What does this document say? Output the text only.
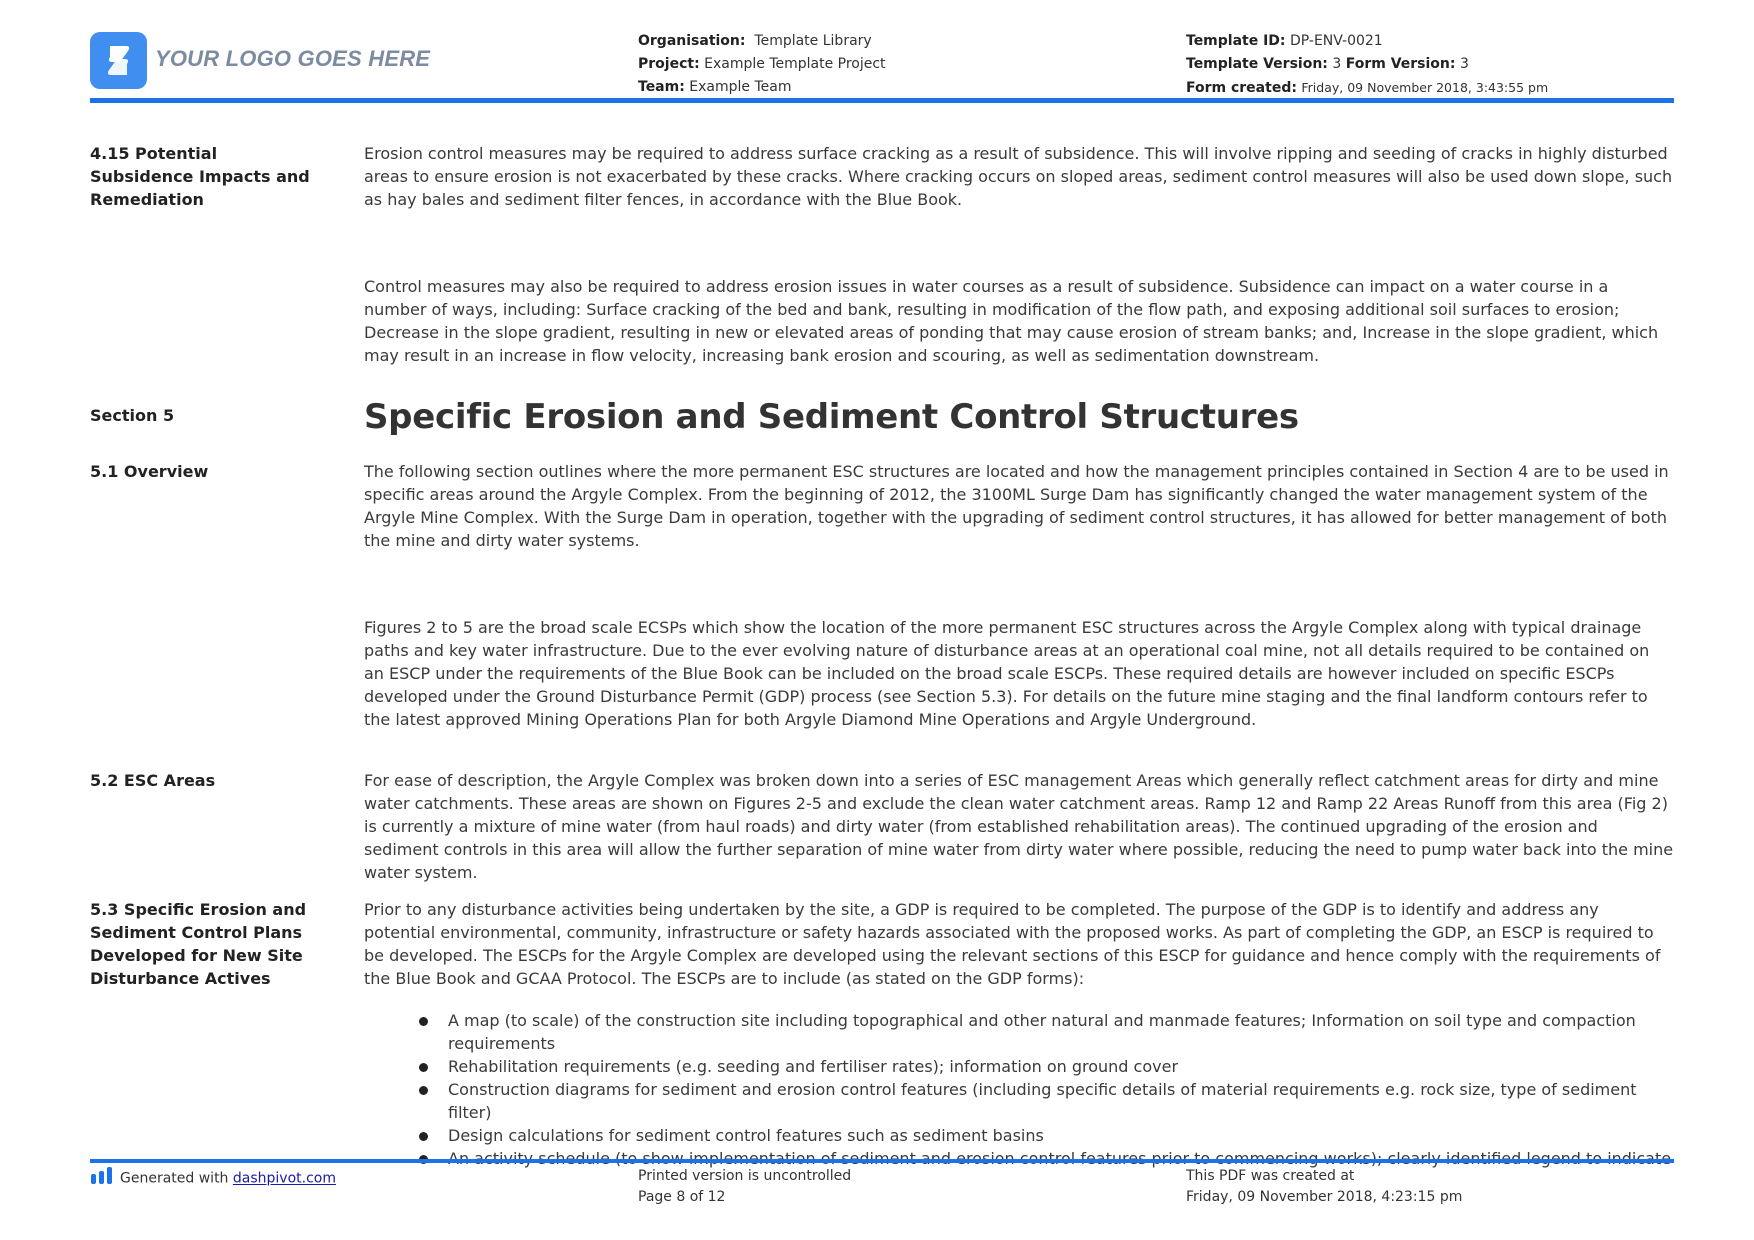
YOUR LOGO GOES HERE
Organisation: Template Library
Project: Example Template Project
Team: Example Team
Template ID: DP-ENV-0021
Template Version: 3 Form Version: 3
Form created: Friday, 09 November 2018, 3:43:55 pm
4.15 Potential Subsidence Impacts and Remediation

Erosion control measures may be required to address surface cracking as a result of subsidence. This will involve ripping and seeding of cracks in highly disturbed areas to ensure erosion is not exacerbated by these cracks. Where cracking occurs on sloped areas, sediment control measures will also be used down slope, such as hay bales and sediment filter fences, in accordance with the Blue Book.

Control measures may also be required to address erosion issues in water courses as a result of subsidence. Subsidence can impact on a water course in a number of ways, including: Surface cracking of the bed and bank, resulting in modification of the flow path, and exposing additional soil surfaces to erosion; Decrease in the slope gradient, resulting in new or elevated areas of ponding that may cause erosion of stream banks; and, Increase in the slope gradient, which may result in an increase in flow velocity, increasing bank erosion and scouring, as well as sedimentation downstream.

Section 5	Specific Erosion and Sediment Control Structures
5.1 Overview	The following section outlines where the more permanent ESC structures are located and how the management principles contained in Section 4 are to be used in specific areas around the Argyle Complex. From the beginning of 2012, the 3100ML Surge Dam has significantly changed the water management system of the Argyle Mine Complex. With the Surge Dam in operation, together with the upgrading of sediment control structures, it has allowed for better management of both the mine and dirty water systems.

Figures 2 to 5 are the broad scale ECSPs which show the location of the more permanent ESC structures across the Argyle Complex along with typical drainage paths and key water infrastructure. Due to the ever evolving nature of disturbance areas at an operational coal mine, not all details required to be contained on an ESCP under the requirements of the Blue Book can be included on the broad scale ESCPs. These required details are however included on specific ESCPs developed under the Ground Disturbance Permit (GDP) process (see Section 5.3). For details on the future mine staging and the final landform contours refer to the latest approved Mining Operations Plan for both Argyle Diamond Mine Operations and Argyle Underground.

5.2 ESC Areas	For ease of description, the Argyle Complex was broken down into a series of ESC management Areas which generally reflect catchment areas for dirty and mine water catchments. These areas are shown on Figures 2-5 and exclude the clean water catchment areas. Ramp 12 and Ramp 22 Areas Runoff from this area (Fig 2) is currently a mixture of mine water (from haul roads) and dirty water (from established rehabilitation areas). The continued upgrading of the erosion and sediment controls in this area will allow the further separation of mine water from dirty water where possible, reducing the need to pump water back into the mine water system.

5.3 Specific Erosion and Sediment Control Plans Developed for New Site Disturbance Actives

Prior to any disturbance activities being undertaken by the site, a GDP is required to be completed. The purpose of the GDP is to identify and address any potential environmental, community, infrastructure or safety hazards associated with the proposed works. As part of completing the GDP, an ESCP is required to be developed. The ESCPs for the Argyle Complex are developed using the relevant sections of this ESCP for guidance and hence comply with the requirements of the Blue Book and GCAA Protocol. The ESCPs are to include (as stated on the GDP forms):

A map (to scale) of the construction site including topographical and other natural and manmade features; Information on soil type and compaction requirements
Rehabilitation requirements (e.g. seeding and fertiliser rates); information on ground cover
Construction diagrams for sediment and erosion control features (including specific details of material requirements e.g. rock size, type of sediment filter)
Design calculations for sediment control features such as sediment basins
Generated with dashpivot.com	Printed version is uncontrolled
Page 8 of 12
This PDF was created at
Friday, 09 November 2018, 4:23:15 pm
